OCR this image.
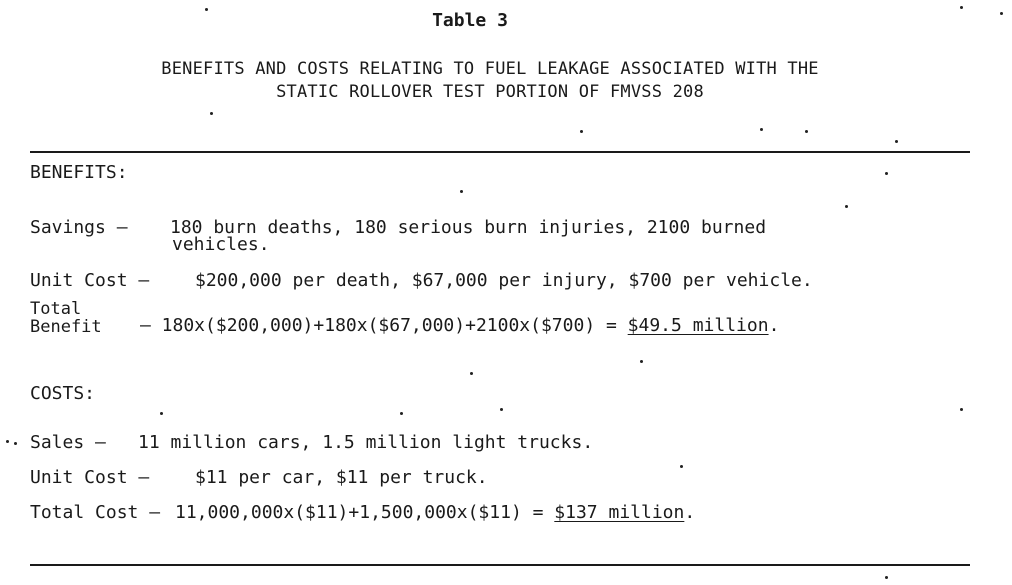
Table 3
BENEFITS AND COSTS RELATING TO FUEL LEAKAGE ASSOCIATED WITH THE
STATIC ROLLOVER TEST PORTION OF FMVSS 208
BENEFITS:
Savings – 180 burn deaths, 180 serious burn injuries, 2100 burned
vehicles.
Unit Cost –	$200,000 per death, $67,000 per injury, $700 per vehicle.
Total
Benefit – 180x($200,000)+180x($67,000)+2100x($700) = $49.5 million.
COSTS:
Sales – 11 million cars, 1.5 million light trucks.
Unit Cost –	$11 per car, $11 per truck.
Total Cost – 11,000,000x($11)+1,500,000x($11) = $137 million.
